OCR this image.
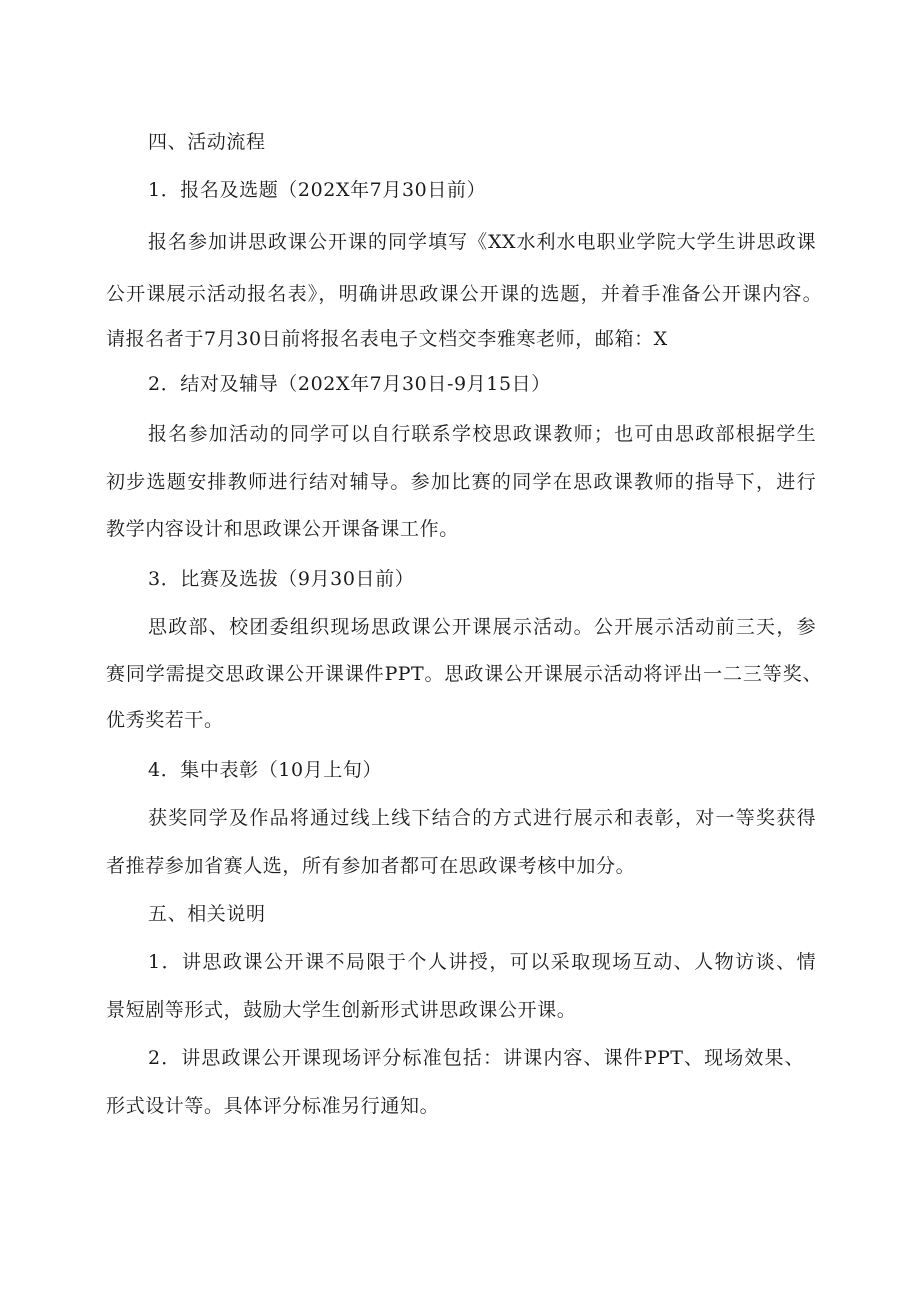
四、活动流程

1．报名及选题（202X年7月30日前）

报名参加讲思政课公开课的同学填写《XX水利水电职业学院大学生讲思政课

公开课展示活动报名表》，明确讲思政课公开课的选题，并着手准备公开课内容。

请报名者于7月30日前将报名表电子文档交李雅寒老师，邮箱：X

2．结对及辅导（202X年7月30日-9月15日）

报名参加活动的同学可以自行联系学校思政课教师；也可由思政部根据学生

初步选题安排教师进行结对辅导。参加比赛的同学在思政课教师的指导下，进行

教学内容设计和思政课公开课备课工作。

3．比赛及选拔（9月30日前）

思政部、校团委组织现场思政课公开课展示活动。公开展示活动前三天，参

赛同学需提交思政课公开课课件PPT。思政课公开课展示活动将评出一二三等奖、

优秀奖若干。

4．集中表彰（10月上旬）

获奖同学及作品将通过线上线下结合的方式进行展示和表彰，对一等奖获得

者推荐参加省赛人选，所有参加者都可在思政课考核中加分。

五、相关说明

1．讲思政课公开课不局限于个人讲授，可以采取现场互动、人物访谈、情

景短剧等形式，鼓励大学生创新形式讲思政课公开课。

2．讲思政课公开课现场评分标准包括：讲课内容、课件PPT、现场效果、

形式设计等。具体评分标准另行通知。
